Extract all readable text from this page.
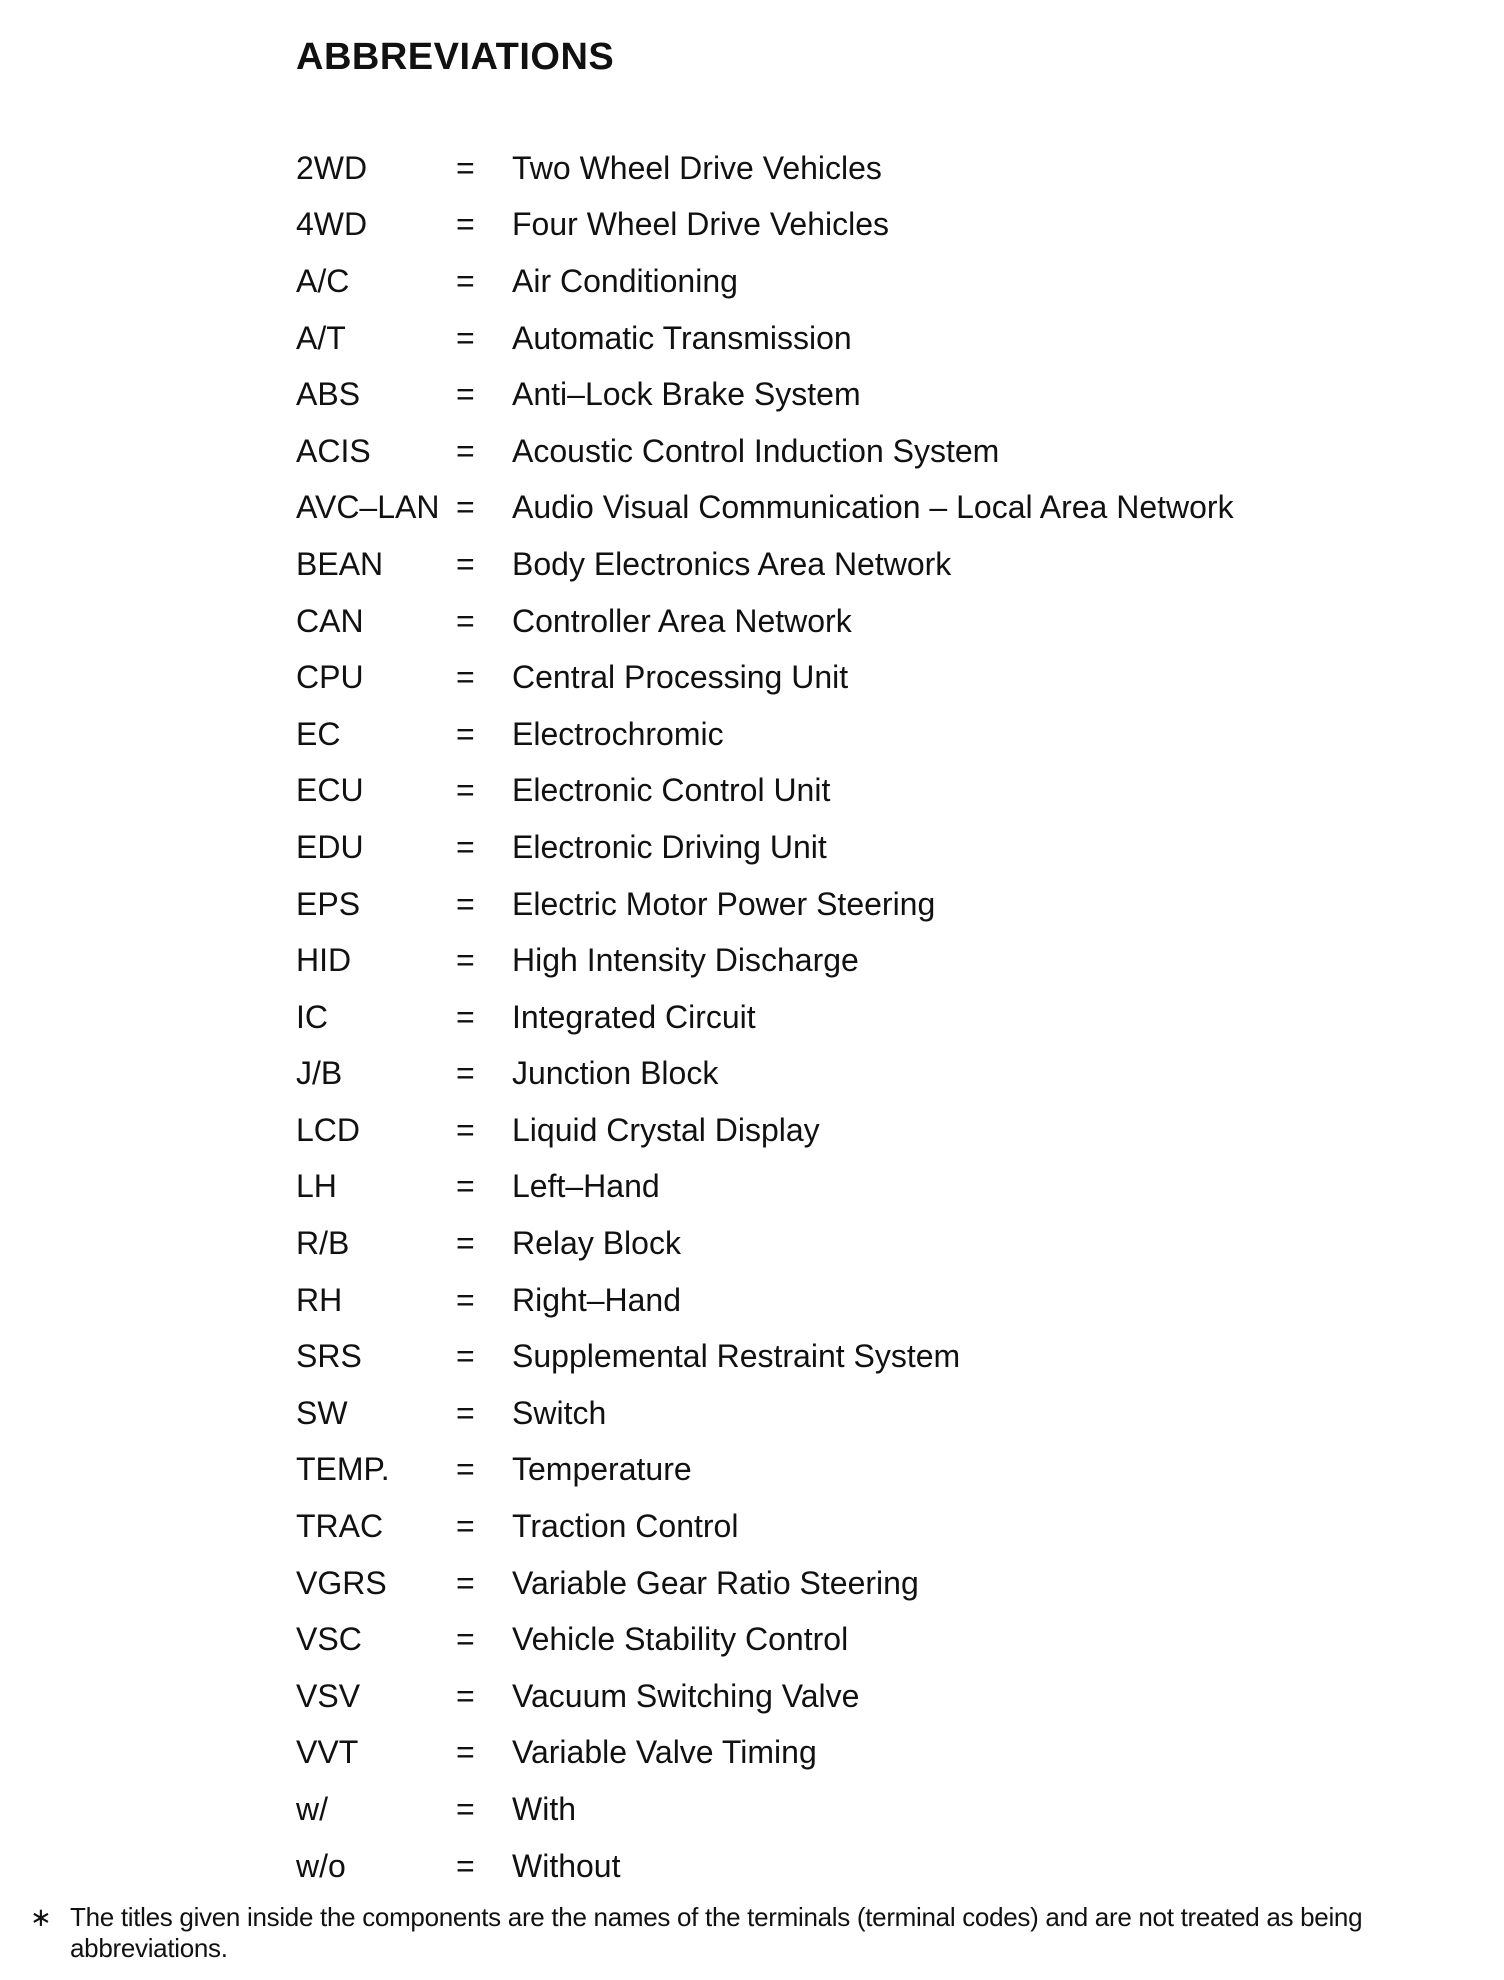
ABBREVIATIONS
2WD	=	Two Wheel Drive Vehicles
4WD	=	Four Wheel Drive Vehicles
A/C	=	Air Conditioning
A/T	=	Automatic Transmission
ABS	=	Anti–Lock Brake System
ACIS	=	Acoustic Control Induction System
AVC–LAN =	Audio Visual Communication – Local Area Network
BEAN	=	Body Electronics Area Network
CAN	=	Controller Area Network
CPU	=	Central Processing Unit
EC	=	Electrochromic
ECU	=	Electronic Control Unit
EDU	=	Electronic Driving Unit
EPS	=	Electric Motor Power Steering
HID	=	High Intensity Discharge
IC	=	Integrated Circuit
J/B	=	Junction Block
LCD	=	Liquid Crystal Display
LH	=	Left–Hand
R/B	=	Relay Block
RH	=	Right–Hand
SRS	=	Supplemental Restraint System
SW	=	Switch
TEMP.	=	Temperature
TRAC	=	Traction Control
VGRS	=	Variable Gear Ratio Steering
VSC	=	Vehicle Stability Control
VSV	=	Vacuum Switching Valve
VVT	=	Variable Valve Timing
w/	=	With
w/o	=	Without
∗ The titles given inside the components are the names of the terminals (terminal codes) and are not treated as being abbreviations.
